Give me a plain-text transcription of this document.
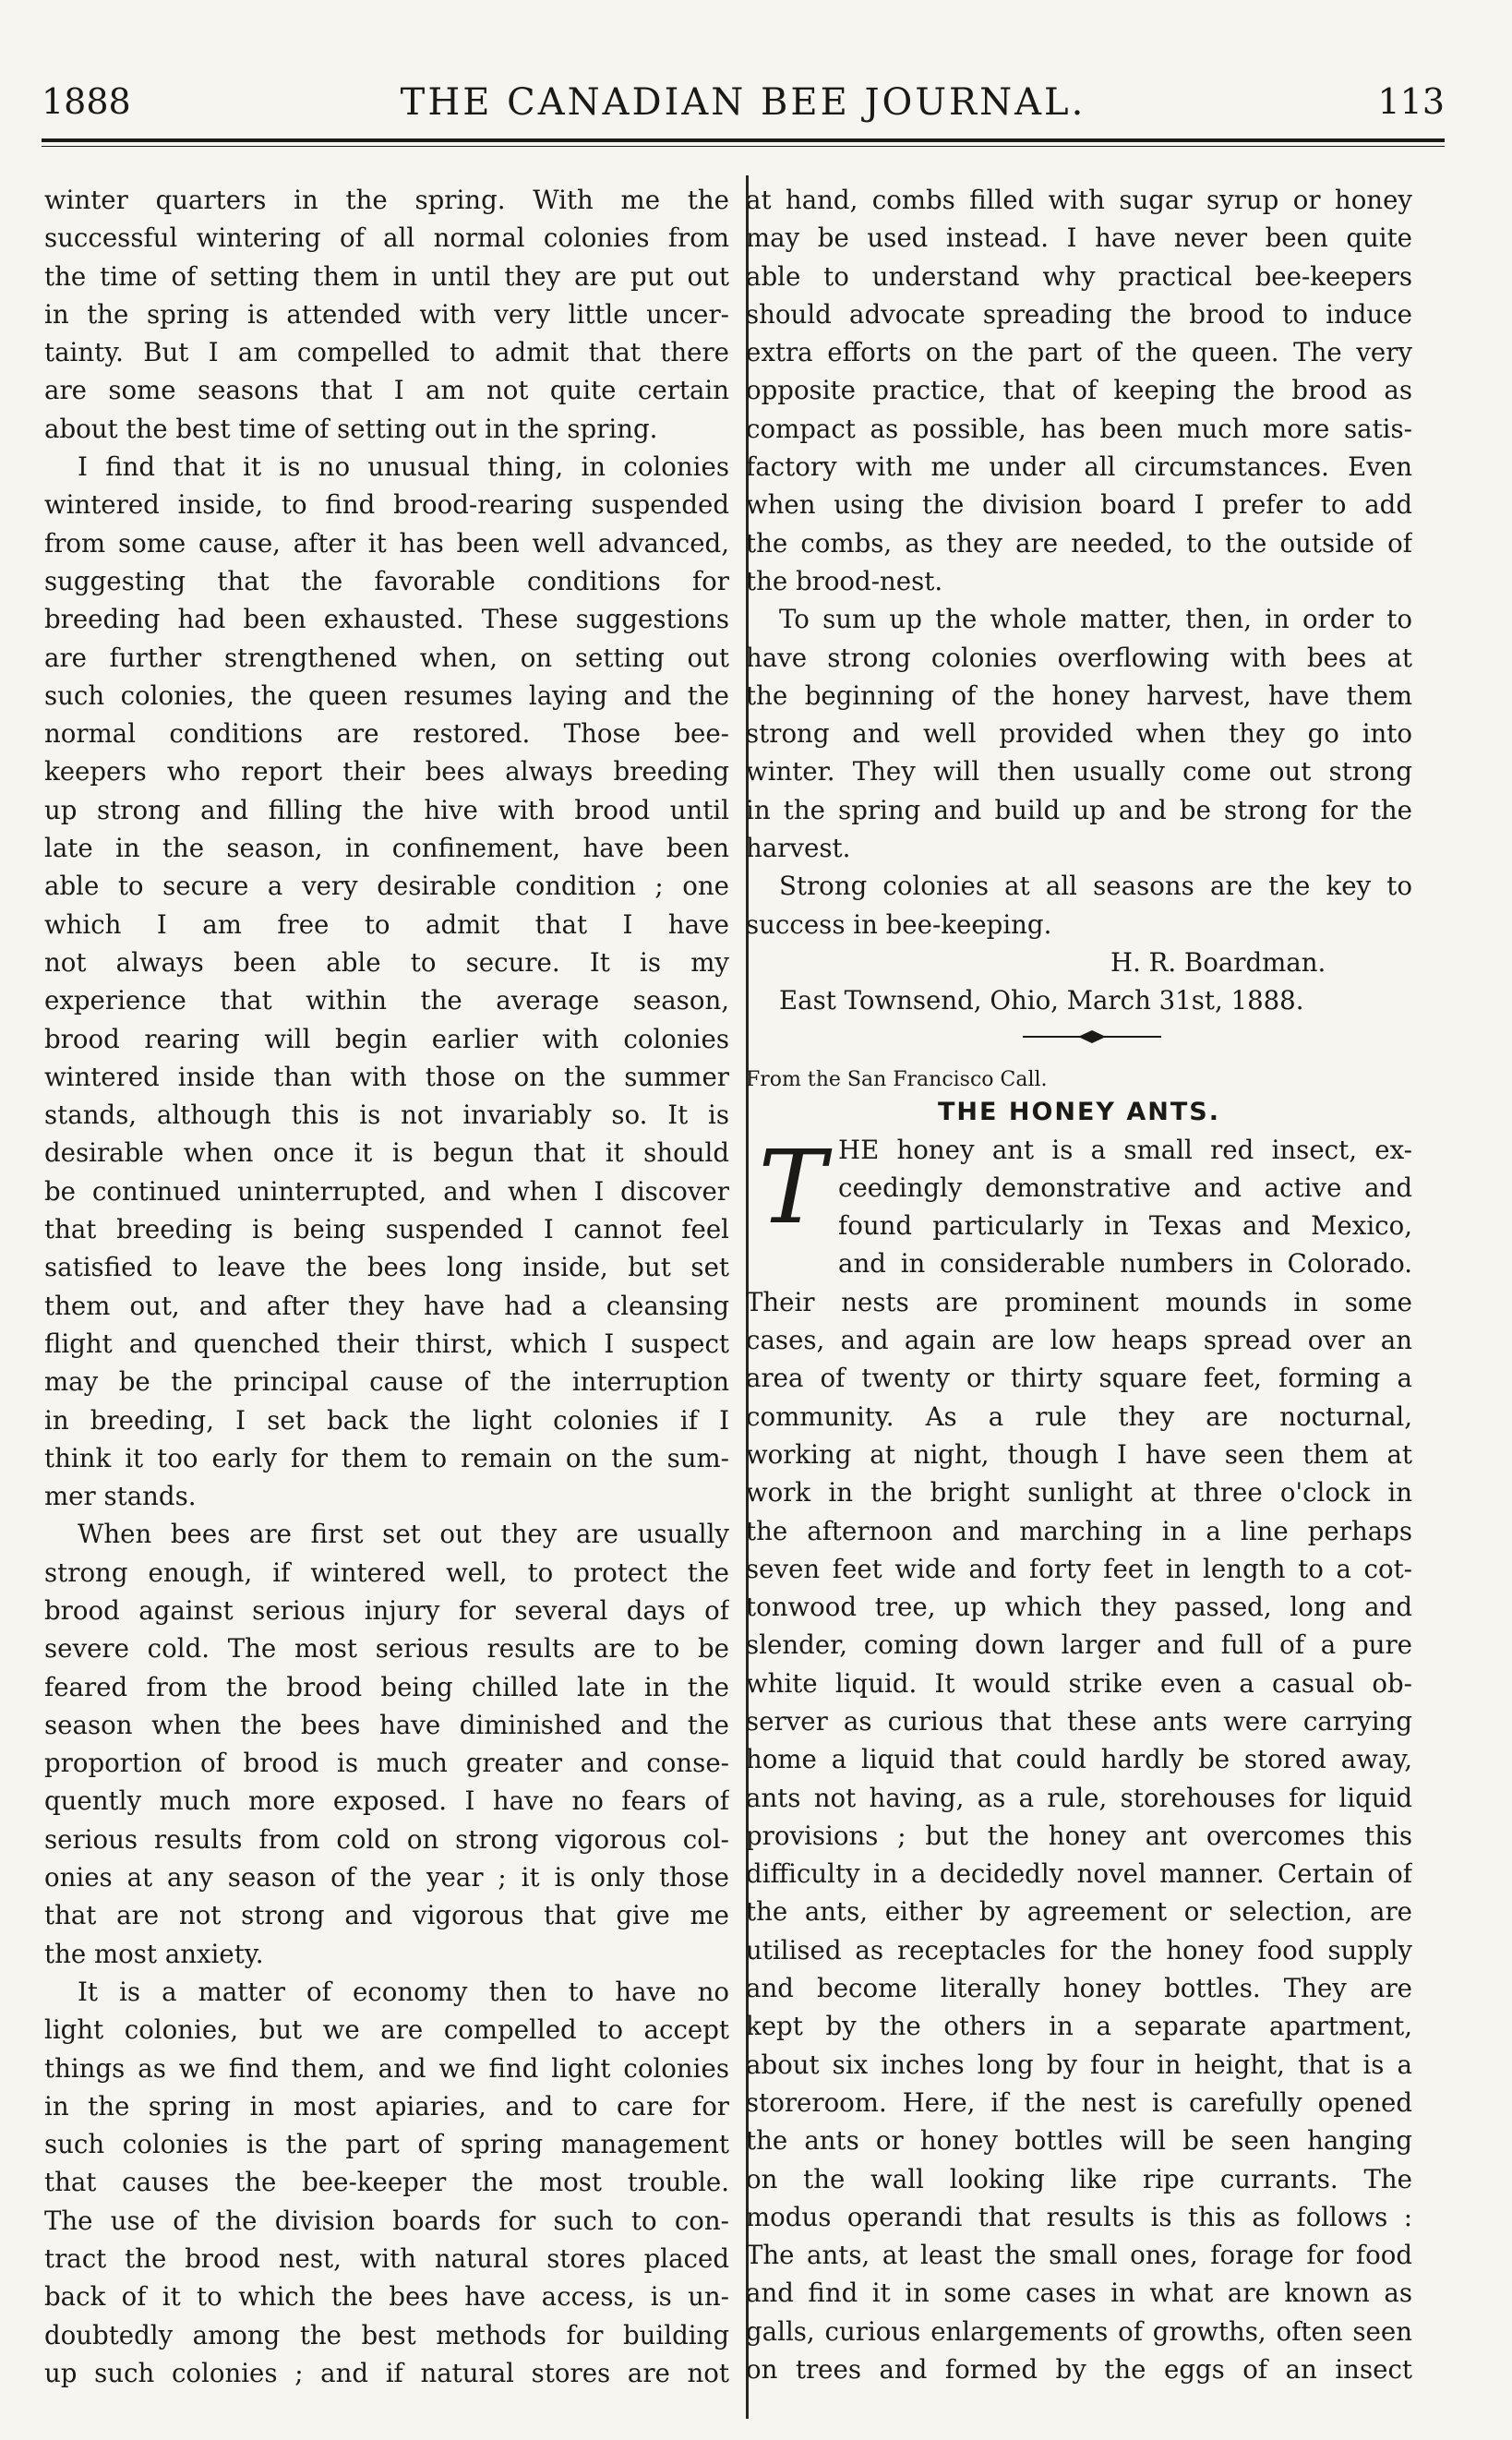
1888	THE CANADIAN BEE JOURNAL.	113
winter quarters in the spring. With me the
successful wintering of all normal colonies from
the time of setting them in until they are put out
in the spring is attended with very little uncer-
tainty. But I am compelled to admit that there
are some seasons that I am not quite certain
about the best time of setting out in the spring.
I find that it is no unusual thing, in colonies
wintered inside, to find brood-rearing suspended
from some cause, after it has been well advanced,
suggesting that the favorable conditions for
breeding had been exhausted. These suggestions
are further strengthened when, on setting out
such colonies, the queen resumes laying and the
normal conditions are restored. Those bee-
keepers who report their bees always breeding
up strong and filling the hive with brood until
late in the season, in confinement, have been
able to secure a very desirable condition ; one
which I am free to admit that I have
not always been able to secure. It is my
experience that within the average season,
brood rearing will begin earlier with colonies
wintered inside than with those on the summer
stands, although this is not invariably so. It is
desirable when once it is begun that it should
be continued uninterrupted, and when I discover
that breeding is being suspended I cannot feel
satisfied to leave the bees long inside, but set
them out, and after they have had a cleansing
flight and quenched their thirst, which I suspect
may be the principal cause of the interruption
in breeding, I set back the light colonies if I
think it too early for them to remain on the sum-
mer stands.
When bees are first set out they are usually
strong enough, if wintered well, to protect the
brood against serious injury for several days of
severe cold. The most serious results are to be
feared from the brood being chilled late in the
season when the bees have diminished and the
proportion of brood is much greater and conse-
quently much more exposed. I have no fears of
serious results from cold on strong vigorous col-
onies at any season of the year ; it is only those
that are not strong and vigorous that give me
the most anxiety.
It is a matter of economy then to have no
light colonies, but we are compelled to accept
things as we find them, and we find light colonies
in the spring in most apiaries, and to care for
such colonies is the part of spring management
that causes the bee-keeper the most trouble.
The use of the division boards for such to con-
tract the brood nest, with natural stores placed
back of it to which the bees have access, is un-
doubtedly among the best methods for building
up such colonies ; and if natural stores are not
at hand, combs filled with sugar syrup or honey
may be used instead. I have never been quite
able to understand why practical bee-keepers
should advocate spreading the brood to induce
extra efforts on the part of the queen. The very
opposite practice, that of keeping the brood as
compact as possible, has been much more satis-
factory with me under all circumstances. Even
when using the division board I prefer to add
the combs, as they are needed, to the outside of
the brood-nest.
To sum up the whole matter, then, in order to
have strong colonies overflowing with bees at
the beginning of the honey harvest, have them
strong and well provided when they go into
winter. They will then usually come out strong
in the spring and build up and be strong for the
harvest.
Strong colonies at all seasons are the key to
success in bee-keeping.
H. R. Boardman.
East Townsend, Ohio, March 31st, 1888.
From the San Francisco Call.
THE HONEY ANTS.
T HE honey ant is a small red insect, ex-
ceedingly demonstrative and active and
found particularly in Texas and Mexico,
and in considerable numbers in Colorado.
Their nests are prominent mounds in some
cases, and again are low heaps spread over an
area of twenty or thirty square feet, forming a
community. As a rule they are nocturnal,
working at night, though I have seen them at
work in the bright sunlight at three o'clock in
the afternoon and marching in a line perhaps
seven feet wide and forty feet in length to a cot-
tonwood tree, up which they passed, long and
slender, coming down larger and full of a pure
white liquid. It would strike even a casual ob-
server as curious that these ants were carrying
home a liquid that could hardly be stored away,
ants not having, as a rule, storehouses for liquid
provisions ; but the honey ant overcomes this
difficulty in a decidedly novel manner. Certain of
the ants, either by agreement or selection, are
utilised as receptacles for the honey food supply
and become literally honey bottles. They are
kept by the others in a separate apartment,
about six inches long by four in height, that is a
storeroom. Here, if the nest is carefully opened
the ants or honey bottles will be seen hanging
on the wall looking like ripe currants. The
modus operandi that results is this as follows :
The ants, at least the small ones, forage for food
and find it in some cases in what are known as
galls, curious enlargements of growths, often seen
on trees and formed by the eggs of an insect
